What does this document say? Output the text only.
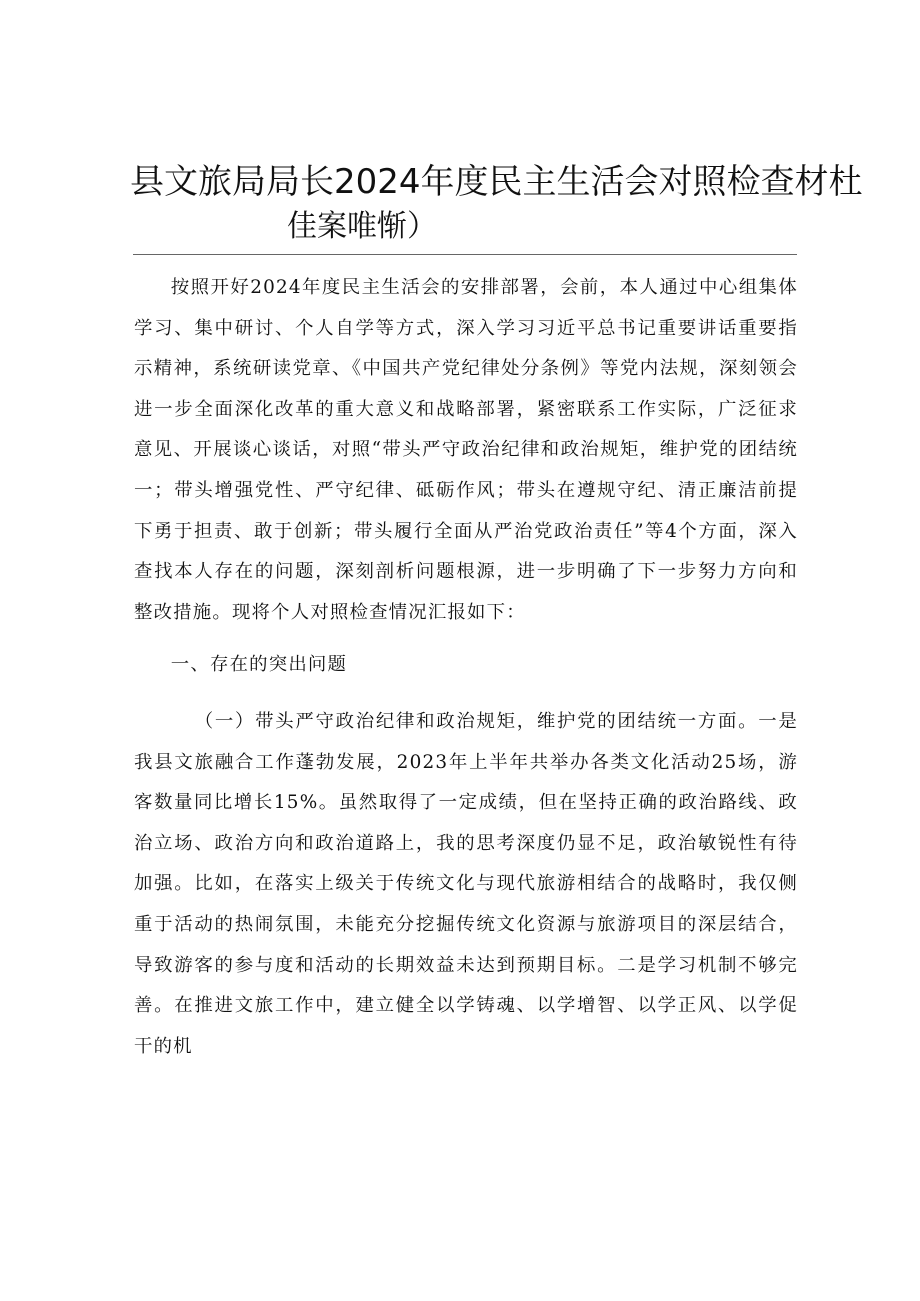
县文旅局局长2024年度民主生活会对照检查材杜
佳案唯惭）

按照开好2024年度民主生活会的安排部署，会前，本人通过中心组集体学习、集中研讨、个人自学等方式，深入学习习近平总书记重要讲话重要指示精神，系统研读党章、《中国共产党纪律处分条例》等党内法规，深刻领会进一步全面深化改革的重大意义和战略部署，紧密联系工作实际，广泛征求意见、开展谈心谈话，对照“带头严守政治纪律和政治规矩，维护党的团结统一；带头增强党性、严守纪律、砥砺作风；带头在遵规守纪、清正廉洁前提下勇于担责、敢于创新；带头履行全面从严治党政治责任”等4个方面，深入查找本人存在的问题，深刻剖析问题根源，进一步明确了下一步努力方向和整改措施。现将个人对照检查情况汇报如下：

一、存在的突出问题

（一）带头严守政治纪律和政治规矩，维护党的团结统一方面。一是我县文旅融合工作蓬勃发展，2023年上半年共举办各类文化活动25场，游客数量同比增长15%。虽然取得了一定成绩，但在坚持正确的政治路线、政治立场、政治方向和政治道路上，我的思考深度仍显不足，政治敏锐性有待加强。比如，在落实上级关于传统文化与现代旅游相结合的战略时，我仅侧重于活动的热闹氛围，未能充分挖掘传统文化资源与旅游项目的深层结合，导致游客的参与度和活动的长期效益未达到预期目标。二是学习机制不够完善。在推进文旅工作中，建立健全以学铸魂、以学增智、以学正风、以学促干的机
